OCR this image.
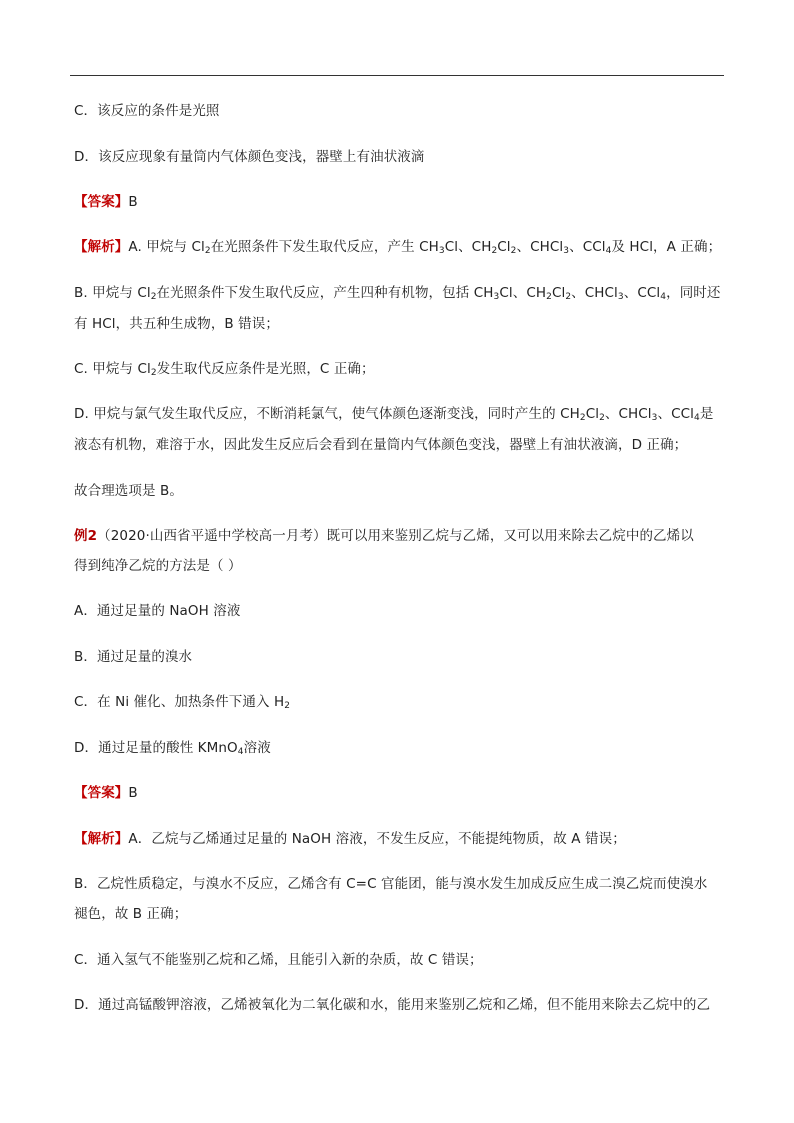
C．该反应的条件是光照
D．该反应现象有量筒内气体颜色变浅，器壁上有油状液滴
【答案】B
【解析】A. 甲烷与 $Cl_2$在光照条件下发生取代反应，产生 $CH_3Cl$、$CH_2Cl_2$、CHCl$_3$、CCl$_4$及 HCl，A 正确；
B. 甲烷与 $Cl_2$在光照条件下发生取代反应，产生四种有机物，包括 $CH_3Cl$、$CH_2Cl_2$、CHCl$_3$、CCl$_4$，同时还
有 HCl，共五种生成物，B 错误；
C. 甲烷与 $Cl_2$发生取代反应条件是光照，C 正确；
D. 甲烷与氯气发生取代反应，不断消耗氯气，使气体颜色逐渐变浅，同时产生的 $CH_2Cl_2$、CHCl$_3$、CCl$_4$是
液态有机物，难溶于水，因此发生反应后会看到在量筒内气体颜色变浅，器壁上有油状液滴，D 正确；
故合理选项是 B。
例2（2020·山西省平遥中学校高一月考）既可以用来鉴别乙烷与乙烯，又可以用来除去乙烷中的乙烯以
得到纯净乙烷的方法是（ ）
A．通过足量的 NaOH 溶液
B．通过足量的溴水
C．在 Ni 催化、加热条件下通入 $H_2$
D．通过足量的酸性 KMnO$_4$溶液
【答案】B
【解析】A．乙烷与乙烯通过足量的 NaOH 溶液，不发生反应，不能提纯物质，故 A 错误；
B．乙烷性质稳定，与溴水不反应，乙烯含有 C=C 官能团，能与溴水发生加成反应生成二溴乙烷而使溴水
褪色，故 B 正确；
C．通入氢气不能鉴别乙烷和乙烯，且能引入新的杂质，故 C 错误；
D．通过高锰酸钾溶液，乙烯被氧化为二氧化碳和水，能用来鉴别乙烷和乙烯，但不能用来除去乙烷中的乙
